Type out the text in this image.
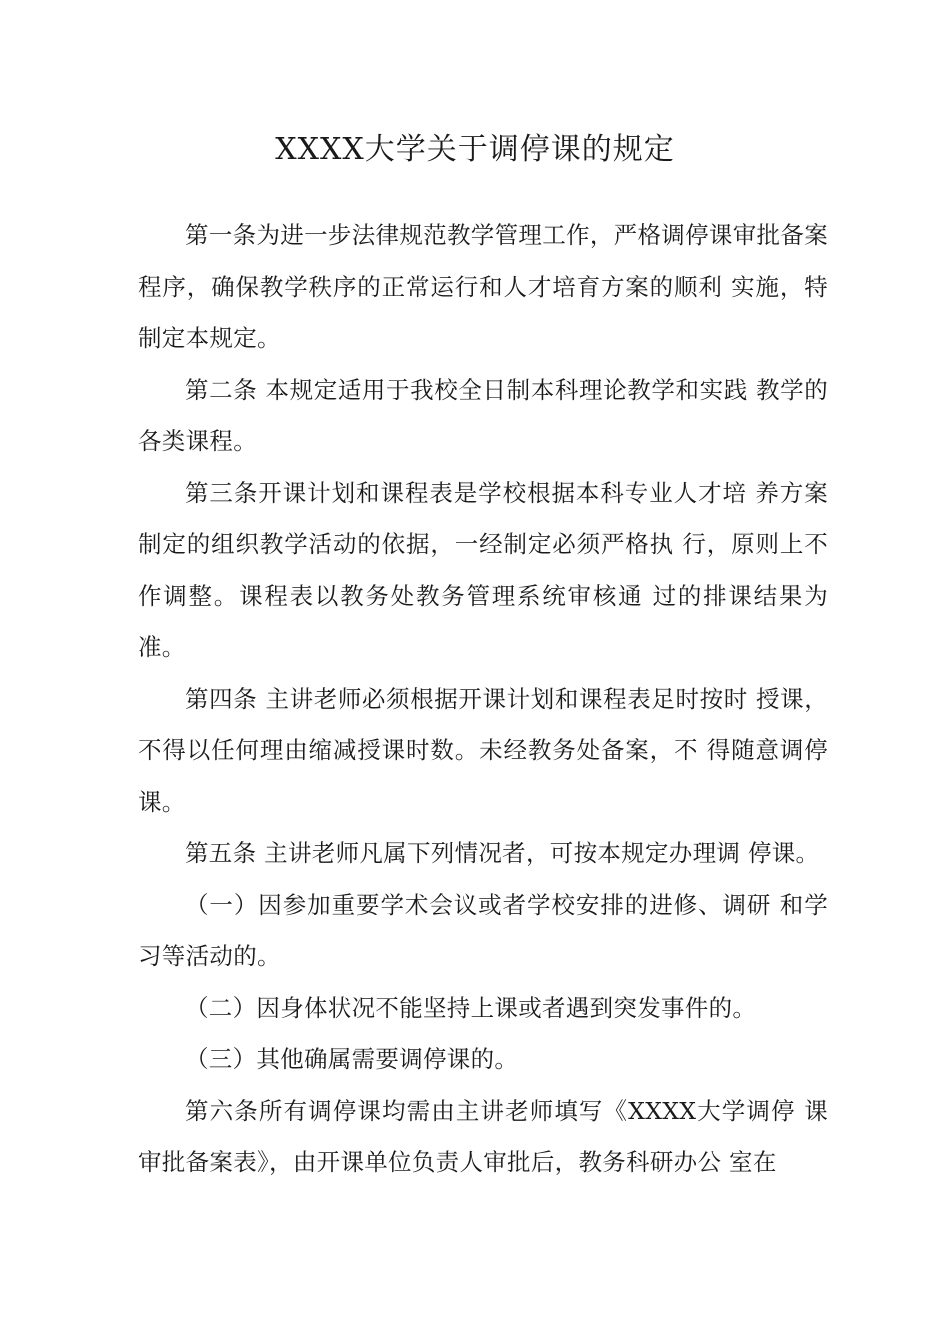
XXXX大学关于调停课的规定

第一条为进一步法律规范教学管理工作，严格调停课审批备案程序，确保教学秩序的正常运行和人才培育方案的顺利 实施，特制定本规定。

第二条 本规定适用于我校全日制本科理论教学和实践 教学的各类课程。

第三条开课计划和课程表是学校根据本科专业人才培 养方案制定的组织教学活动的依据，一经制定必须严格执 行，原则上不作调整。课程表以教务处教务管理系统审核通 过的排课结果为准。

第四条 主讲老师必须根据开课计划和课程表足时按时 授课，不得以任何理由缩减授课时数。未经教务处备案，不 得随意调停课。

第五条 主讲老师凡属下列情况者，可按本规定办理调 停课。

（一）因参加重要学术会议或者学校安排的进修、调研 和学习等活动的。

（二）因身体状况不能坚持上课或者遇到突发事件的。

（三）其他确属需要调停课的。

第六条所有调停课均需由主讲老师填写《XXXX大学调停 课审批备案表》，由开课单位负责人审批后，教务科研办公 室在
